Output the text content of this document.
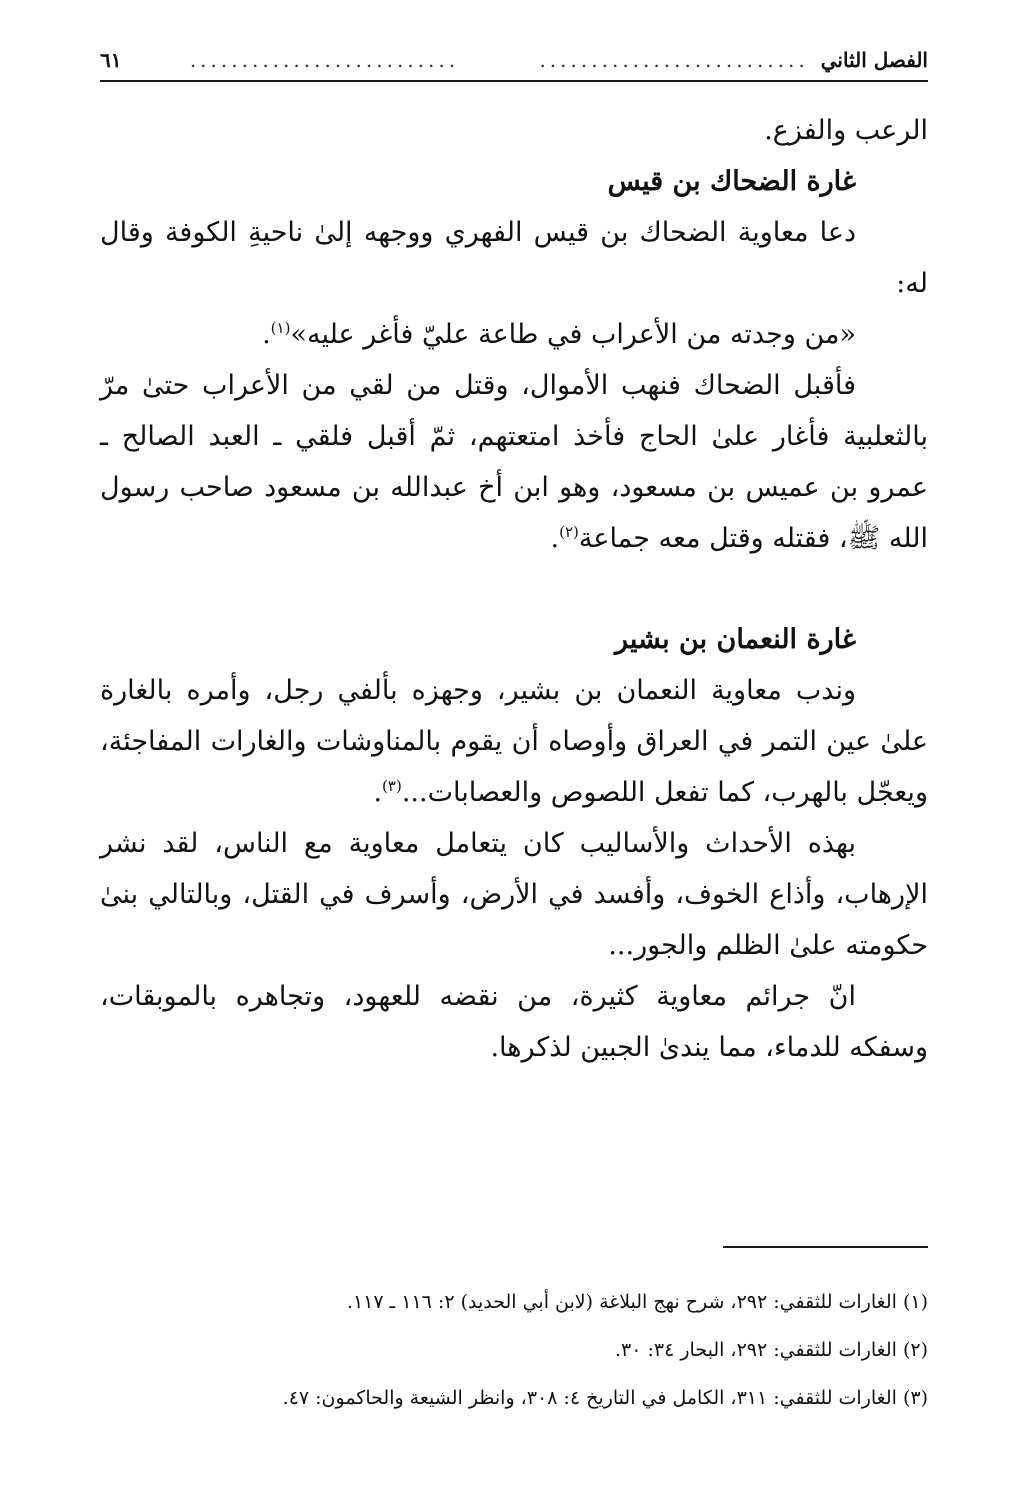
الفصل الثاني
..........................
..........................
٦١

الرعب والفزع.

غارة الضحاك بن قيس

دعا معاوية الضحاك بن قيس الفهري ووجهه إلىٰ ناحيةِ الكوفة وقال له:

«من وجدته من الأعراب في طاعة عليّ فأغر عليه»$^{(١)}$.

فأقبل الضحاك فنهب الأموال، وقتل من لقي من الأعراب حتىٰ مرّ بالثعلبية فأغار علىٰ الحاج فأخذ امتعتهم، ثمّ أقبل فلقي ـ العبد الصالح ـ عمرو بن عميس بن مسعود، وهو ابن أخ عبدالله بن مسعود صاحب رسول الله ﷺ، فقتله وقتل معه جماعة$^{(٢)}$.

غارة النعمان بن بشير

وندب معاوية النعمان بن بشير، وجهزه بألفي رجل، وأمره بالغارة علىٰ عين التمر في العراق وأوصاه أن يقوم بالمناوشات والغارات المفاجئة، ويعجّل بالهرب، كما تفعل اللصوص والعصابات...$^{(٣)}$.

بهذه الأحداث والأساليب كان يتعامل معاوية مع الناس، لقد نشر الإرهاب، وأذاع الخوف، وأفسد في الأرض، وأسرف في القتل، وبالتالي بنىٰ حكومته علىٰ الظلم والجور...

انّ جرائم معاوية كثيرة، من نقضه للعهود، وتجاهره بالموبقات، وسفكه للدماء، مما يندىٰ الجبين لذكرها.

(١) الغارات للثقفي: ٢٩٢، شرح نهج البلاغة (لابن أبي الحديد) ٢: ١١٦ ـ ١١٧.
(٢) الغارات للثقفي: ٢٩٢، البحار ٣٤: ٣٠.
(٣) الغارات للثقفي: ٣١١، الكامل في التاريخ ٤: ٣٠٨، وانظر الشيعة والحاكمون: ٤٧.
